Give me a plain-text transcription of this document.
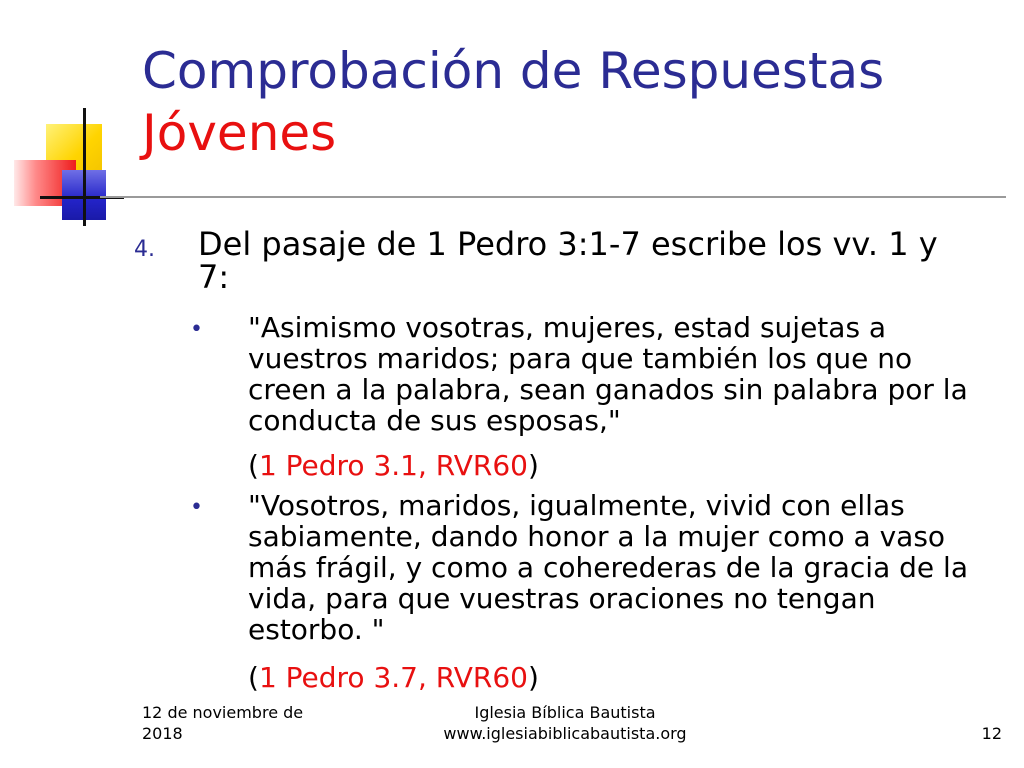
Comprobación de Respuestas
Jóvenes
4. Del pasaje de 1 Pedro 3:1-7 escribe los vv. 1 y 7:
• "Asimismo vosotras, mujeres, estad sujetas a vuestros maridos; para que también los que no creen a la palabra, sean ganados sin palabra por la conducta de sus esposas,"
(1 Pedro 3.1, RVR60)
• "Vosotros, maridos, igualmente, vivid con ellas sabiamente, dando honor a la mujer como a vaso más frágil, y como a coherederas de la gracia de la vida, para que vuestras oraciones no tengan estorbo. "
(1 Pedro 3.7, RVR60)
12 de noviembre de 2018
Iglesia Bíblica Bautista
www.iglesiabiblicabautista.org	12
